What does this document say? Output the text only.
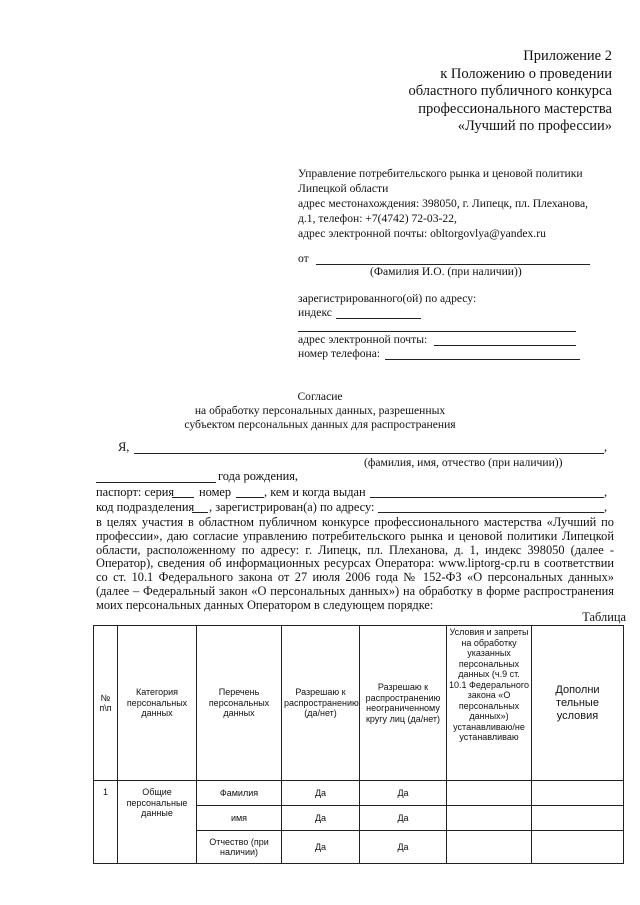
Приложение 2
к Положению о проведении
областного публичного конкурса
профессионального мастерства
«Лучший по профессии»
Управление потребительского рынка и ценовой политики
Липецкой области
адрес местонахождения: 398050, г. Липецк, пл. Плеханова,
д.1, телефон: +7(4742) 72-03-22,
адрес электронной почты: obltorgovlya@yandex.ru
от
(Фамилия И.О. (при наличии))
зарегистрированного(ой) по адресу:
индекс
адрес электронной почты:
номер телефона:
Согласие
на обработку персональных данных, разрешенных
субъектом персональных данных для распространения
Я,	,
(фамилия, имя, отчество (при наличии))
года рождения,
паспорт: серия номер	, кем и когда выдан	,
код подразделения , зарегистрирован(а) по адресу:	,
в целях участия в областном публичном конкурсе профессионального мастерства «Лучший по профессии», даю согласие управлению потребительского рынка и ценовой политики Липецкой области, расположенному по адресу: г. Липецк, пл. Плеханова, д. 1, индекс 398050 (далее - Оператор), сведения об информационных ресурсах Оператора: www.liptorg-cp.ru в соответствии со ст. 10.1 Федерального закона от 27 июля 2006 года № 152-ФЗ «О персональных данных» (далее – Федеральный закон «О персональных данных») на обработку в форме распространения моих персональных данных Оператором в следующем порядке:
Таблица
№ п\п	Категория персональных данных	Перечень персональных данных	Разрешаю к распространению (да/нет)	Разрешаю к распространению неограниченному кругу лиц (да/нет)	Условия и запреты на обработку указанных персональных данных (ч.9 ст. 10.1 Федерального закона «О персональных данных») устанавливаю/не устанавливаю	Дополни тельные условия
1	Общие персональные данные	Фамилия	Да	Да		
		имя	Да	Да		
		Отчество (при наличии)	Да	Да		
